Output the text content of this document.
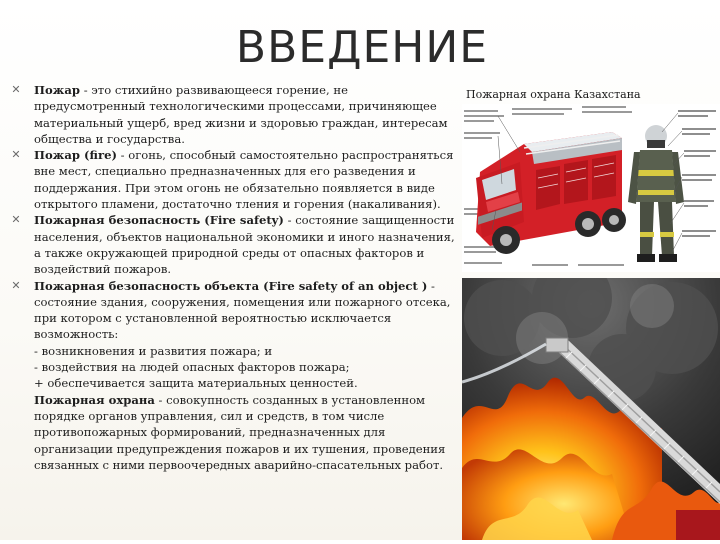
ВВЕДЕНИЕ
✕ Пожар - это стихийно развивающееся горение, не предусмотренный технологическими процессами, причиняющее материальный ущерб, вред жизни и здоровью граждан, интересам общества и государства.
✕ Пожар (fire) - огонь, способный самостоятельно распространяться вне мест, специально предназначенных для его разведения и поддержания. При этом огонь не обязательно появляется в виде открытого пламени, достаточно тления и горения (накаливания).
✕ Пожарная безопасность (Fire safety) - состояние защищенности населения, объектов национальной экономики и иного назначения, а также окружающей природной среды от опасных факторов и воздействий пожаров.
✕ Пожарная безопасность объекта (Fire safety of an object ) - состояние здания, сооружения, помещения или пожарного отсека, при котором с установленной вероятностью исключается возможность:
- возникновения и развития пожара; и
- воздействия на людей опасных факторов пожара;
+ обеспечивается защита материальных ценностей.
Пожарная охрана - совокупность созданных в установленном порядке органов управления, сил и средств, в том числе противопожарных формирований, предназначенных для организации предупреждения пожаров и их тушения, проведения связанных с ними первоочередных аварийно-спасательных работ.
Пожарная охрана Казахстана
